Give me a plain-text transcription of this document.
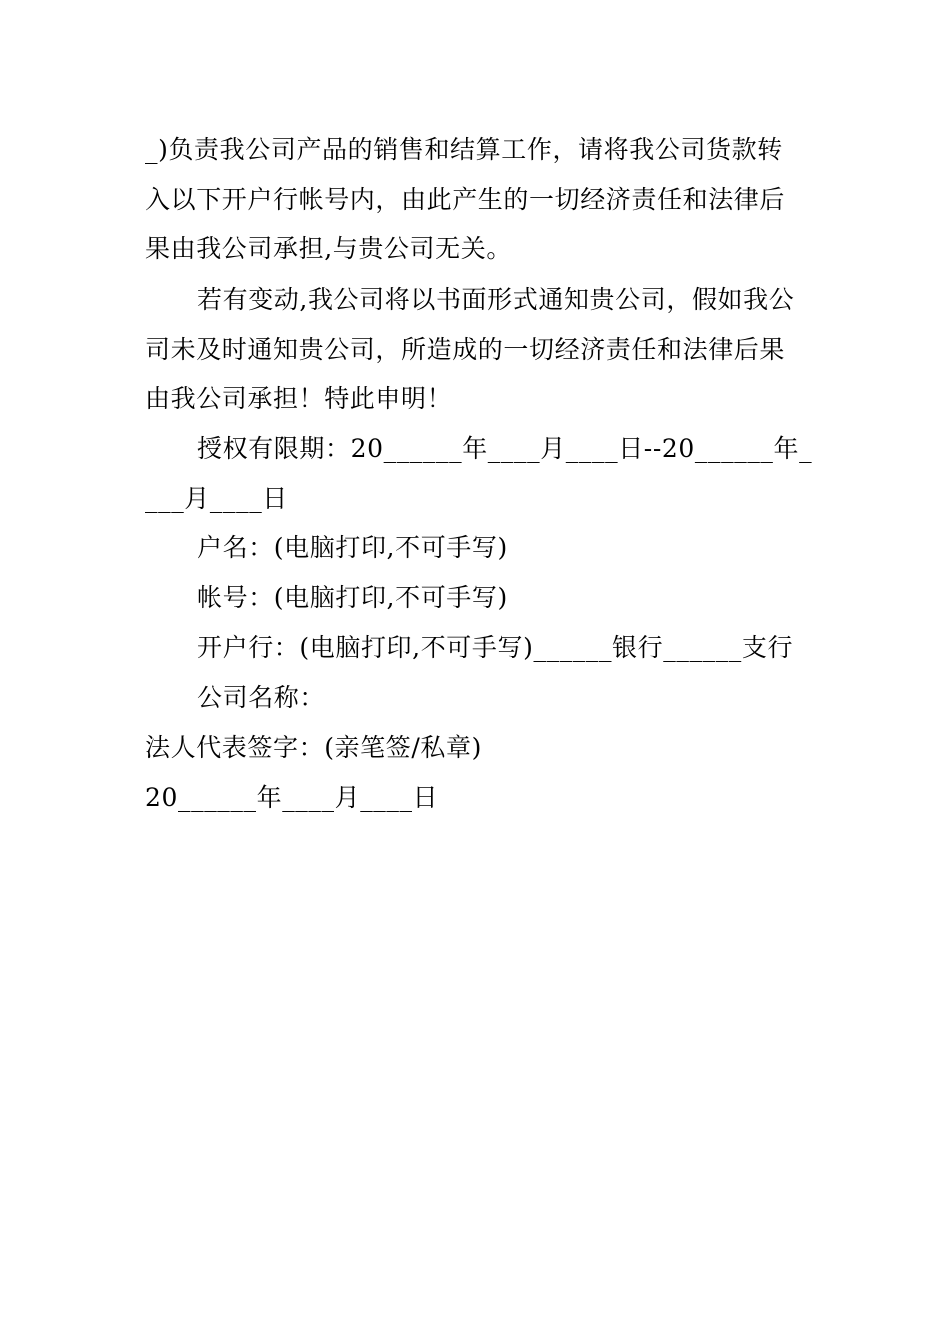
_)负责我公司产品的销售和结算工作，请将我公司货款转
入以下开户行帐号内，由此产生的一切经济责任和法律后
果由我公司承担,与贵公司无关。
若有变动,我公司将以书面形式通知贵公司，假如我公
司未及时通知贵公司，所造成的一切经济责任和法律后果
由我公司承担！特此申明！
授权有限期：20______年____月____日--20______年_
___月____日
户名：(电脑打印,不可手写)
帐号：(电脑打印,不可手写)
开户行：(电脑打印,不可手写)______银行______支行
公司名称：
法人代表签字：(亲笔签/私章)
20______年____月____日
